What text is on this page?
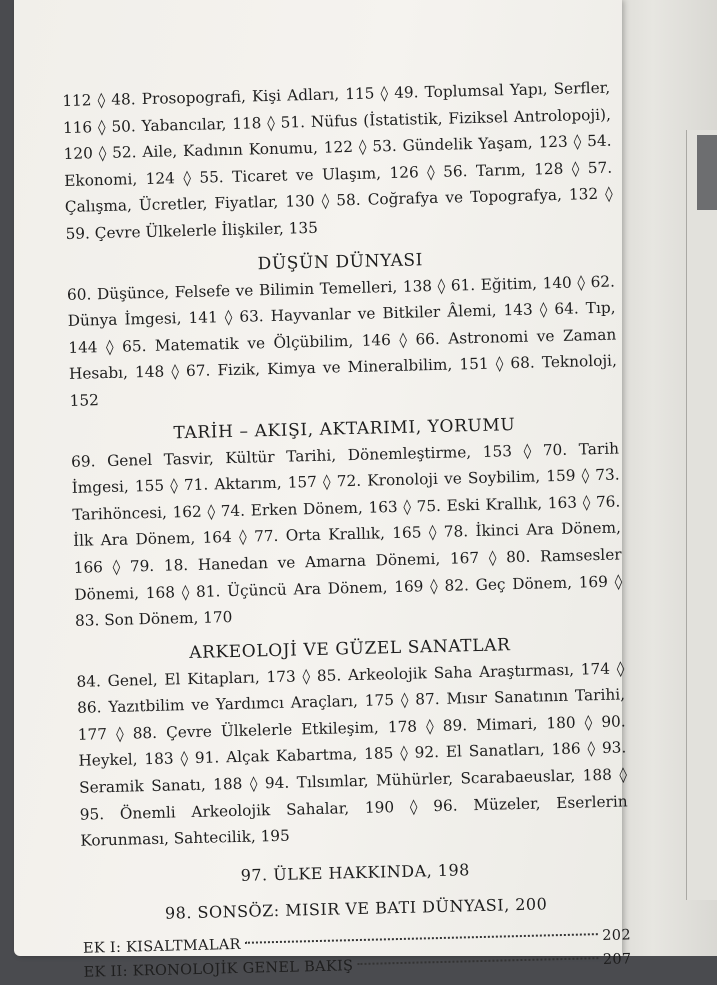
112 ◊ 48. Prosopografi, Kişi Adları, 115 ◊ 49. Toplumsal Yapı, Serfler, 116 ◊ 50. Yabancılar, 118 ◊ 51. Nüfus (İstatistik, Fiziksel Antrolopoji), 120 ◊ 52. Aile, Kadının Konumu, 122 ◊ 53. Gündelik Yaşam, 123 ◊ 54. Ekonomi, 124 ◊ 55. Ticaret ve Ulaşım, 126 ◊ 56. Tarım, 128 ◊ 57. Çalışma, Ücretler, Fiyatlar, 130 ◊ 58. Coğrafya ve Topografya, 132 ◊ 59. Çevre Ülkelerle İlişkiler, 135
DÜŞÜN DÜNYASI
60. Düşünce, Felsefe ve Bilimin Temelleri, 138 ◊ 61. Eğitim, 140 ◊ 62. Dünya İmgesi, 141 ◊ 63. Hayvanlar ve Bitkiler Âlemi, 143 ◊ 64. Tıp, 144 ◊ 65. Matematik ve Ölçübilim, 146 ◊ 66. Astronomi ve Zaman Hesabı, 148 ◊ 67. Fizik, Kimya ve Mineralbilim, 151 ◊ 68. Teknoloji, 152
TARİH – AKIŞI, AKTARIMI, YORUMU
69. Genel Tasvir, Kültür Tarihi, Dönemleştirme, 153 ◊ 70. Tarih İmgesi, 155 ◊ 71. Aktarım, 157 ◊ 72. Kronoloji ve Soybilim, 159 ◊ 73. Tarihöncesi, 162 ◊ 74. Erken Dönem, 163 ◊ 75. Eski Krallık, 163 ◊ 76. İlk Ara Dönem, 164 ◊ 77. Orta Krallık, 165 ◊ 78. İkinci Ara Dönem, 166 ◊ 79. 18. Hanedan ve Amarna Dönemi, 167 ◊ 80. Ramsesler Dönemi, 168 ◊ 81. Üçüncü Ara Dönem, 169 ◊ 82. Geç Dönem, 169 ◊ 83. Son Dönem, 170
ARKEOLOJİ VE GÜZEL SANATLAR
84. Genel, El Kitapları, 173 ◊ 85. Arkeolojik Saha Araştırması, 174 ◊ 86. Yazıtbilim ve Yardımcı Araçları, 175 ◊ 87. Mısır Sanatının Tarihi, 177 ◊ 88. Çevre Ülkelerle Etkileşim, 178 ◊ 89. Mimari, 180 ◊ 90. Heykel, 183 ◊ 91. Alçak Kabartma, 185 ◊ 92. El Sanatları, 186 ◊ 93. Seramik Sanatı, 188 ◊ 94. Tılsımlar, Mühürler, Scarabaeuslar, 188 ◊ 95. Önemli Arkeolojik Sahalar, 190 ◊ 96. Müzeler, Eserlerin Korunması, Sahtecilik, 195
97. ÜLKE HAKKINDA, 198
98. SONSÖZ: MISIR VE BATI DÜNYASI, 200
EK I: KISALTMALAR
202
EK II: KRONOLOJİK GENEL BAKIŞ	207
